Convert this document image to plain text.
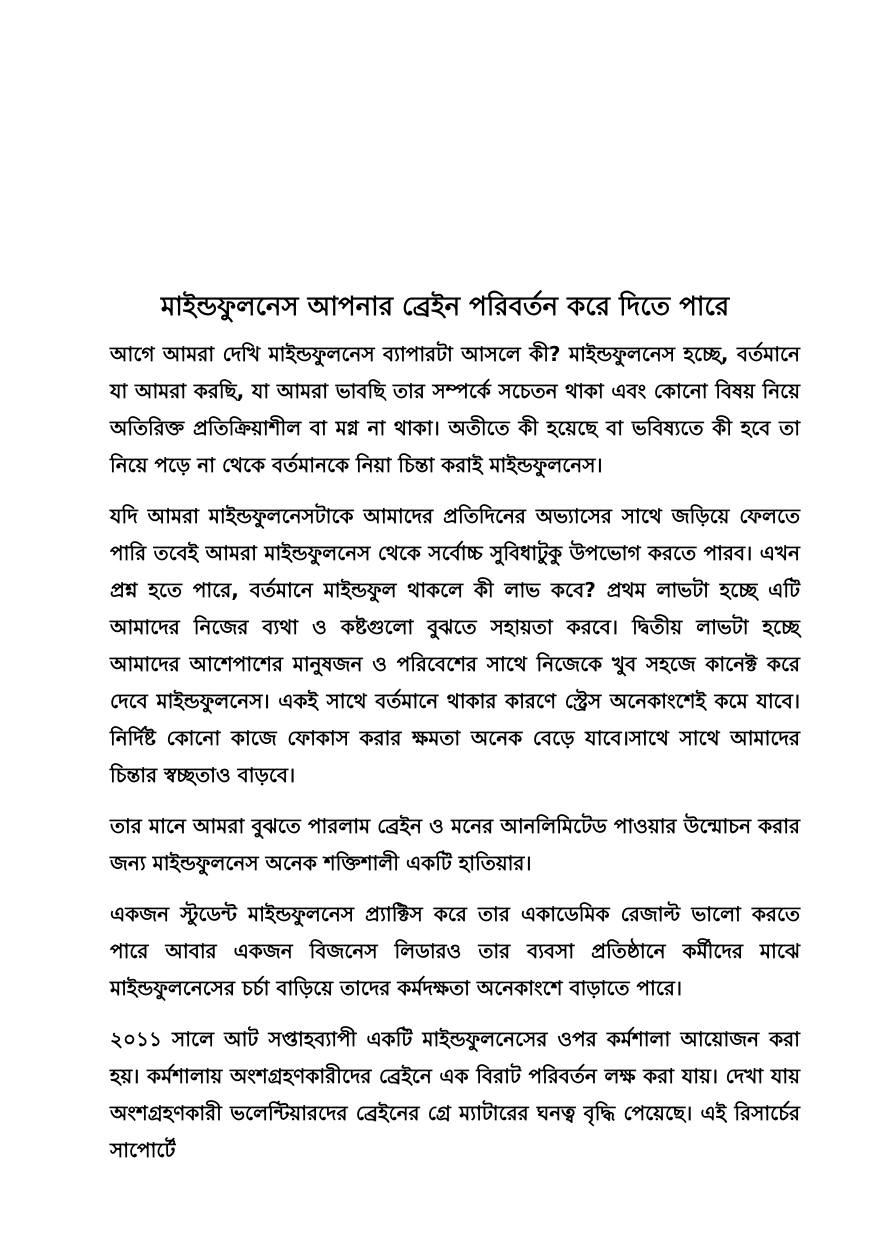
মাইন্ডফুলনেস আপনার ব্রেইন পরিবর্তন করে দিতে পারে

আগে আমরা দেখি মাইন্ডফুলনেস ব্যাপারটা আসলে কী? মাইন্ডফুলনেস হচ্ছে, বর্তমানে যা আমরা করছি, যা আমরা ভাবছি তার সম্পর্কে সচেতন থাকা এবং কোনো বিষয় নিয়ে অতিরিক্ত প্রতিক্রিয়াশীল বা মগ্ন না থাকা। অতীতে কী হয়েছে বা ভবিষ্যতে কী হবে তা নিয়ে পড়ে না থেকে বর্তমানকে নিয়া চিন্তা করাই মাইন্ডফুলনেস।

যদি আমরা মাইন্ডফুলনেসটাকে আমাদের প্রতিদিনের অভ্যাসের সাথে জড়িয়ে ফেলতে পারি তবেই আমরা মাইন্ডফুলনেস থেকে সর্বোচ্চ সুবিধাটুকু উপভোগ করতে পারব। এখন প্রশ্ন হতে পারে, বর্তমানে মাইন্ডফুল থাকলে কী লাভ কবে? প্রথম লাভটা হচ্ছে এটি আমাদের নিজের ব্যথা ও কষ্টগুলো বুঝতে সহায়তা করবে। দ্বিতীয় লাভটা হচ্ছে আমাদের আশেপাশের মানুষজন ও পরিবেশের সাথে নিজেকে খুব সহজে কানেক্ট করে দেবে মাইন্ডফুলনেস। একই সাথে বর্তমানে থাকার কারণে স্ট্রেস অনেকাংশেই কমে যাবে। নির্দিষ্ট কোনো কাজে ফোকাস করার ক্ষমতা অনেক বেড়ে যাবে।সাথে সাথে আমাদের চিন্তার স্বচ্ছতাও বাড়বে।

তার মানে আমরা বুঝতে পারলাম ব্রেইন ও মনের আনলিমিটেড পাওয়ার উন্মোচন করার জন্য মাইন্ডফুলনেস অনেক শক্তিশালী একটি হাতিয়ার।

একজন স্টুডেন্ট মাইন্ডফুলনেস প্র্যাক্টিস করে তার একাডেমিক রেজাল্ট ভালো করতে পারে আবার একজন বিজনেস লিডারও তার ব্যবসা প্রতিষ্ঠানে কর্মীদের মাঝে মাইন্ডফুলনেসের চর্চা বাড়িয়ে তাদের কর্মদক্ষতা অনেকাংশে বাড়াতে পারে।

২০১১ সালে আট সপ্তাহব্যাপী একটি মাইন্ডফুলনেসের ওপর কর্মশালা আয়োজন করা হয়। কর্মশালায় অংশগ্রহণকারীদের ব্রেইনে এক বিরাট পরিবর্তন লক্ষ করা যায়। দেখা যায় অংশগ্রহণকারী ভলেন্টিয়ারদের ব্রেইনের গ্রে ম্যাটারের ঘনত্ব বৃদ্ধি পেয়েছে। এই রিসার্চের সাপোর্টে
